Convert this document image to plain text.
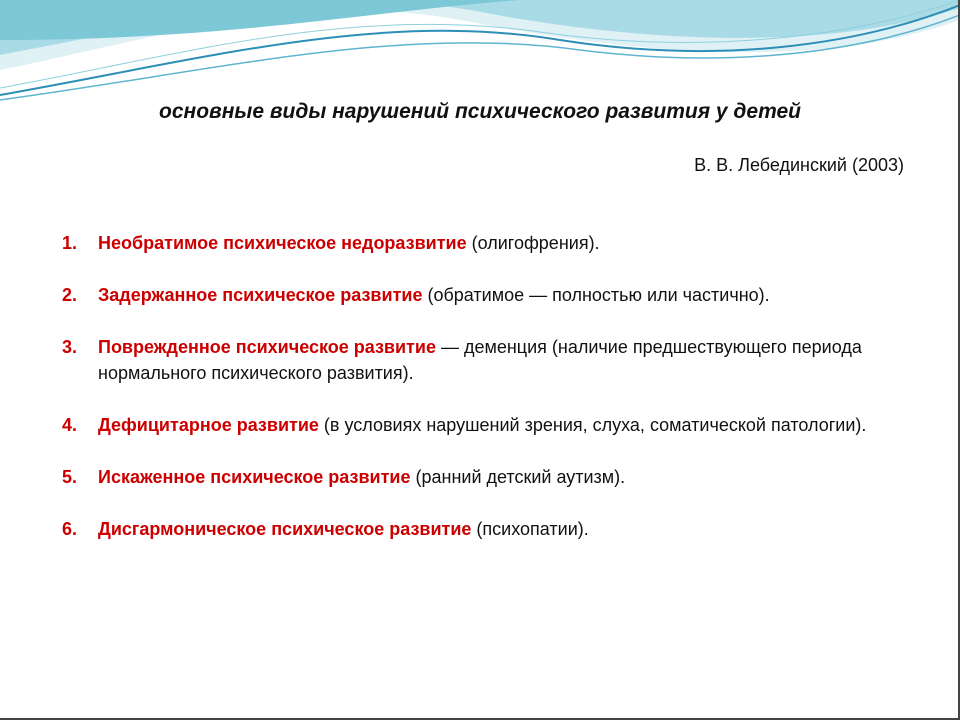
основные виды нарушений психического развития у детей
В. В. Лебединский (2003)
1. Необратимое психическое недоразвитие (олигофрения).
2. Задержанное психическое развитие (обратимое — полностью или частично).
3. Поврежденное психическое развитие — деменция (наличие предшествующего периода нормального психического развития).
4. Дефицитарное развитие (в условиях нарушений зрения, слуха, соматической патологии).
5. Искаженное психическое развитие (ранний детский аутизм).
6. Дисгармоническое психическое развитие (психопатии).
